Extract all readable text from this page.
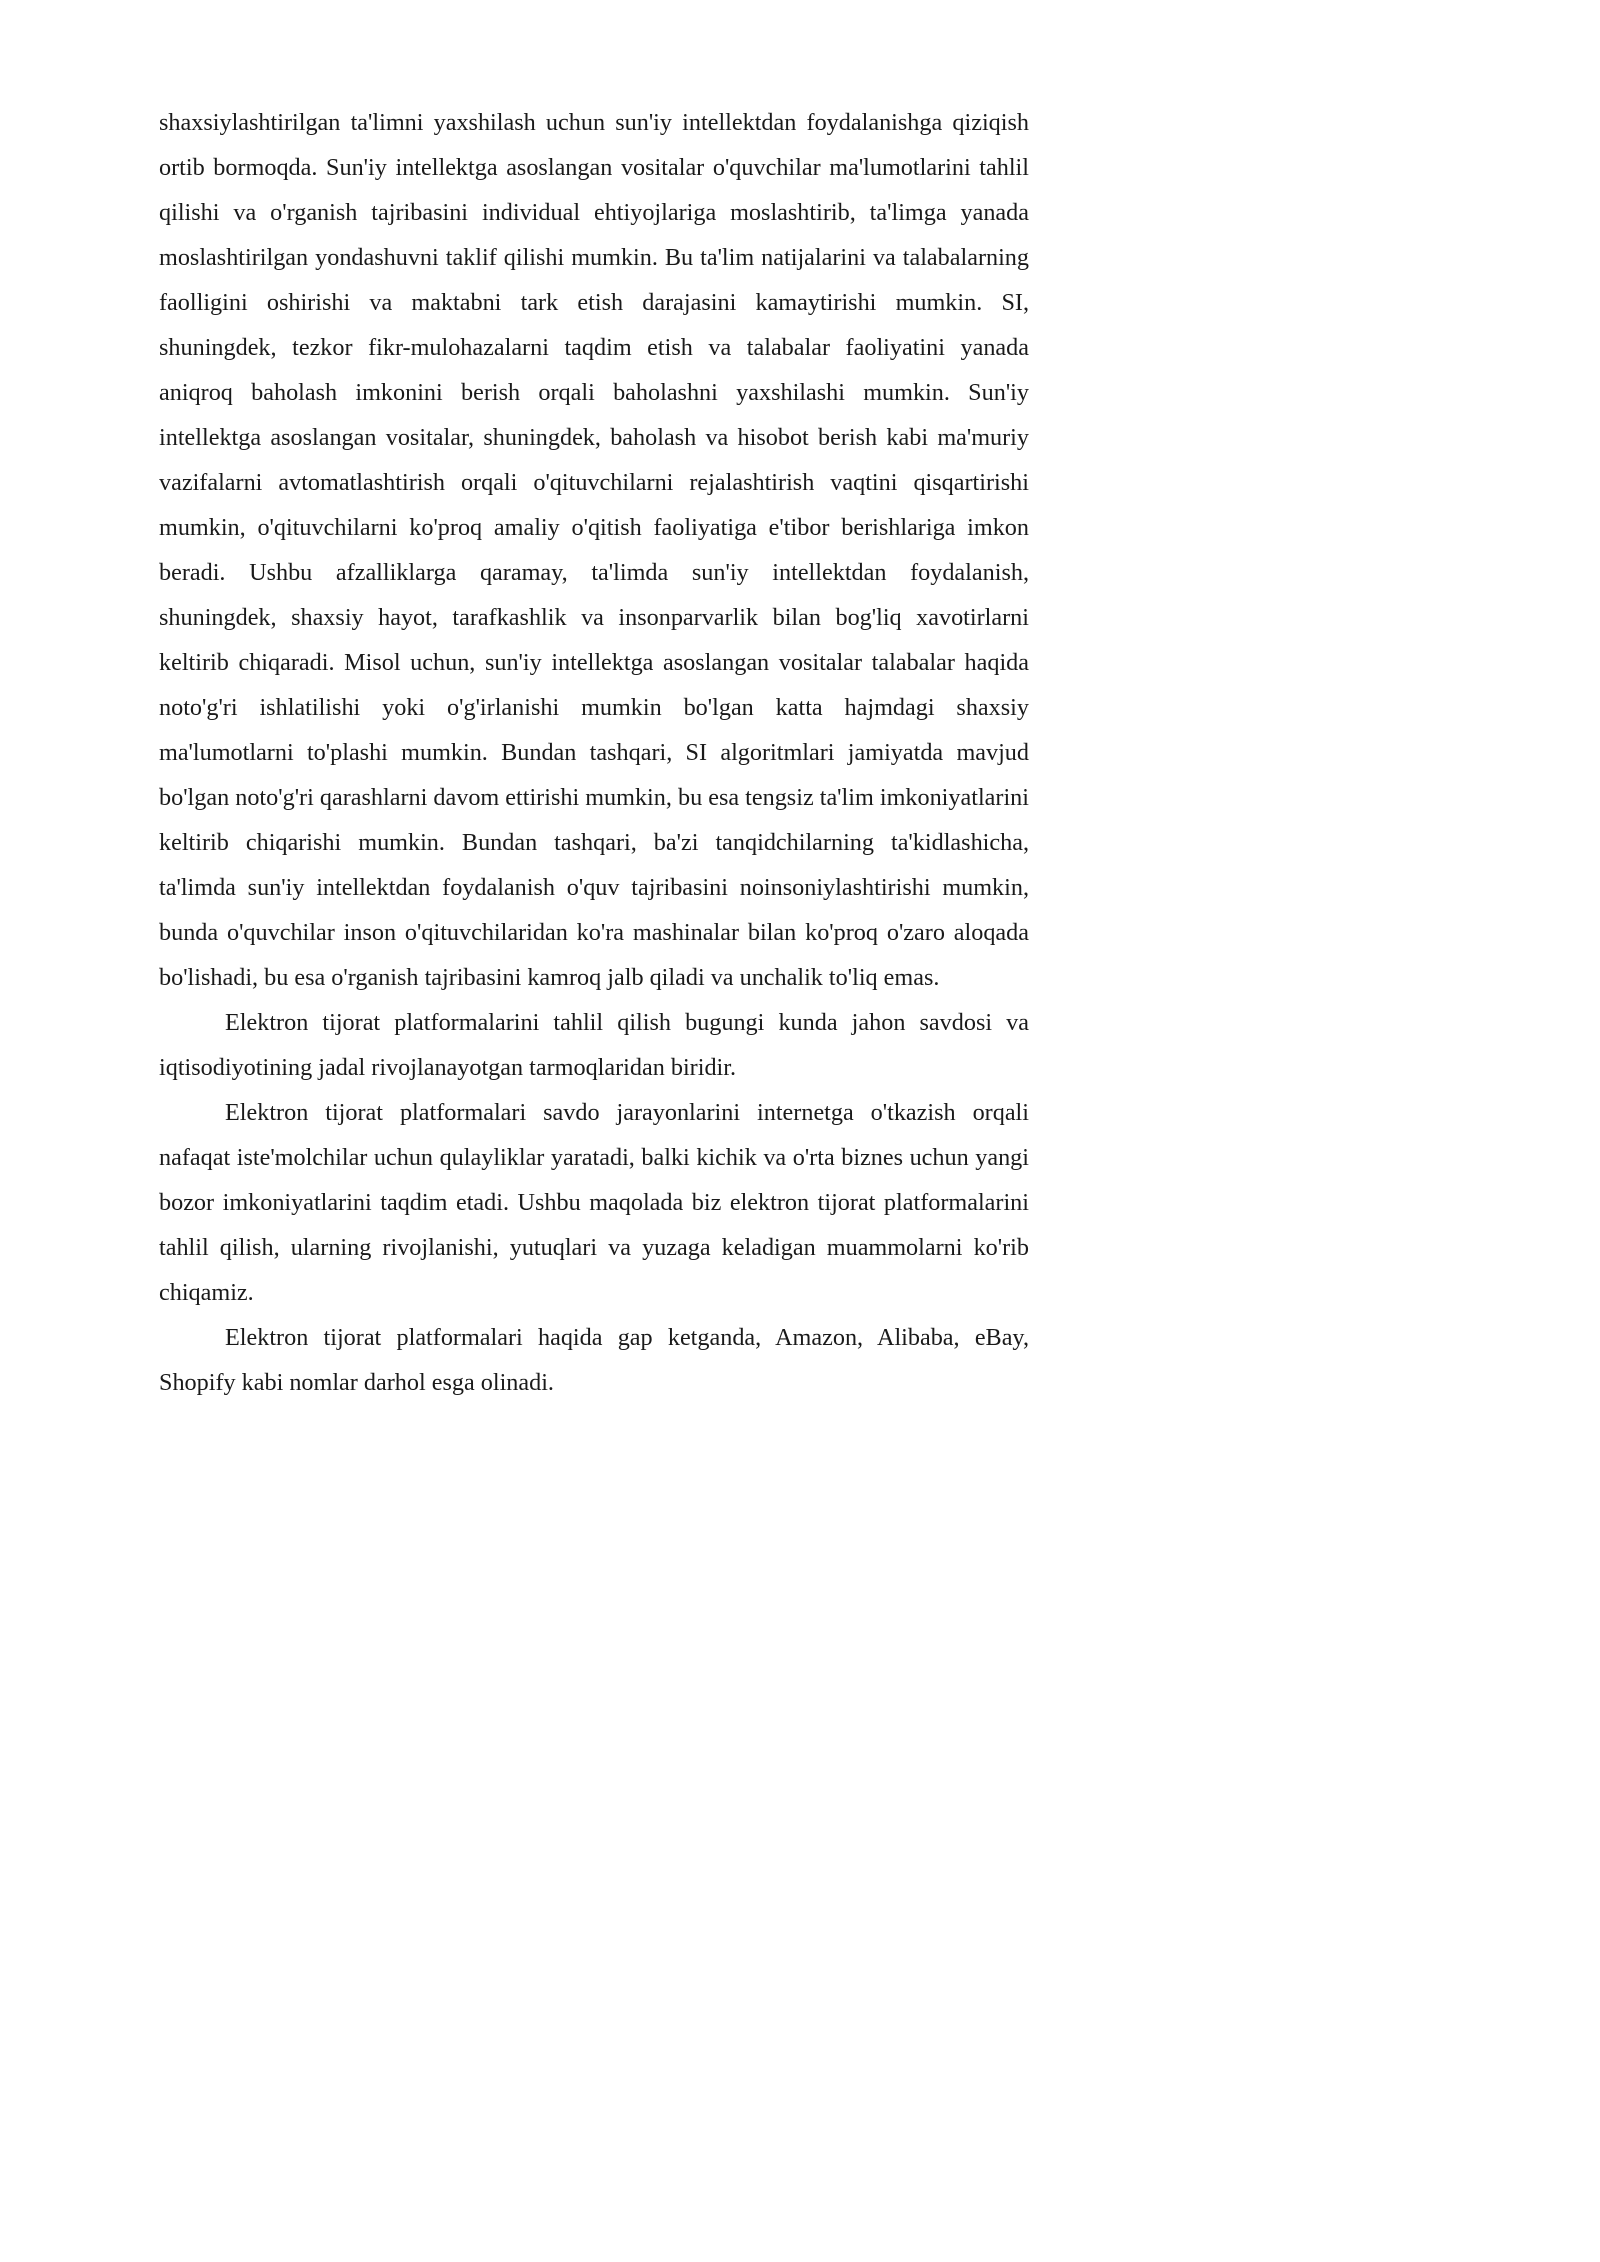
shaxsiylashtirilgan ta'limni yaxshilash uchun sun'iy intellektdan foydalanishga qiziqish ortib bormoqda. Sun'iy intellektga asoslangan vositalar o'quvchilar ma'lumotlarini tahlil qilishi va o'rganish tajribasini individual ehtiyojlariga moslashtirib, ta'limga yanada moslashtirilgan yondashuvni taklif qilishi mumkin. Bu ta'lim natijalarini va talabalarning faolligini oshirishi va maktabni tark etish darajasini kamaytirishi mumkin. SI, shuningdek, tezkor fikr-mulohazalarni taqdim etish va talabalar faoliyatini yanada aniqroq baholash imkonini berish orqali baholashni yaxshilashi mumkin. Sun'iy intellektga asoslangan vositalar, shuningdek, baholash va hisobot berish kabi ma'muriy vazifalarni avtomatlashtirish orqali o'qituvchilarni rejalashtirish vaqtini qisqartirishi mumkin, o'qituvchilarni ko'proq amaliy o'qitish faoliyatiga e'tibor berishlariga imkon beradi. Ushbu afzalliklarga qaramay, ta'limda sun'iy intellektdan foydalanish, shuningdek, shaxsiy hayot, tarafkashlik va insonparvarlik bilan bog'liq xavotirlarni keltirib chiqaradi. Misol uchun, sun'iy intellektga asoslangan vositalar talabalar haqida noto'g'ri ishlatilishi yoki o'g'irlanishi mumkin bo'lgan katta hajmdagi shaxsiy ma'lumotlarni to'plashi mumkin. Bundan tashqari, SI algoritmlari jamiyatda mavjud bo'lgan noto'g'ri qarashlarni davom ettirishi mumkin, bu esa tengsiz ta'lim imkoniyatlarini keltirib chiqarishi mumkin. Bundan tashqari, ba'zi tanqidchilarning ta'kidlashicha, ta'limda sun'iy intellektdan foydalanish o'quv tajribasini noinsoniylashtirishi mumkin, bunda o'quvchilar inson o'qituvchilaridan ko'ra mashinalar bilan ko'proq o'zaro aloqada bo'lishadi, bu esa o'rganish tajribasini kamroq jalb qiladi va unchalik to'liq emas.

Elektron tijorat platformalarini tahlil qilish bugungi kunda jahon savdosi va iqtisodiyotining jadal rivojlanayotgan tarmoqlaridan biridir.

Elektron tijorat platformalari savdo jarayonlarini internetga o'tkazish orqali nafaqat iste'molchilar uchun qulayliklar yaratadi, balki kichik va o'rta biznes uchun yangi bozor imkoniyatlarini taqdim etadi. Ushbu maqolada biz elektron tijorat platformalarini tahlil qilish, ularning rivojlanishi, yutuqlari va yuzaga keladigan muammolarni ko'rib chiqamiz.

Elektron tijorat platformalari haqida gap ketganda, Amazon, Alibaba, eBay, Shopify kabi nomlar darhol esga olinadi.
